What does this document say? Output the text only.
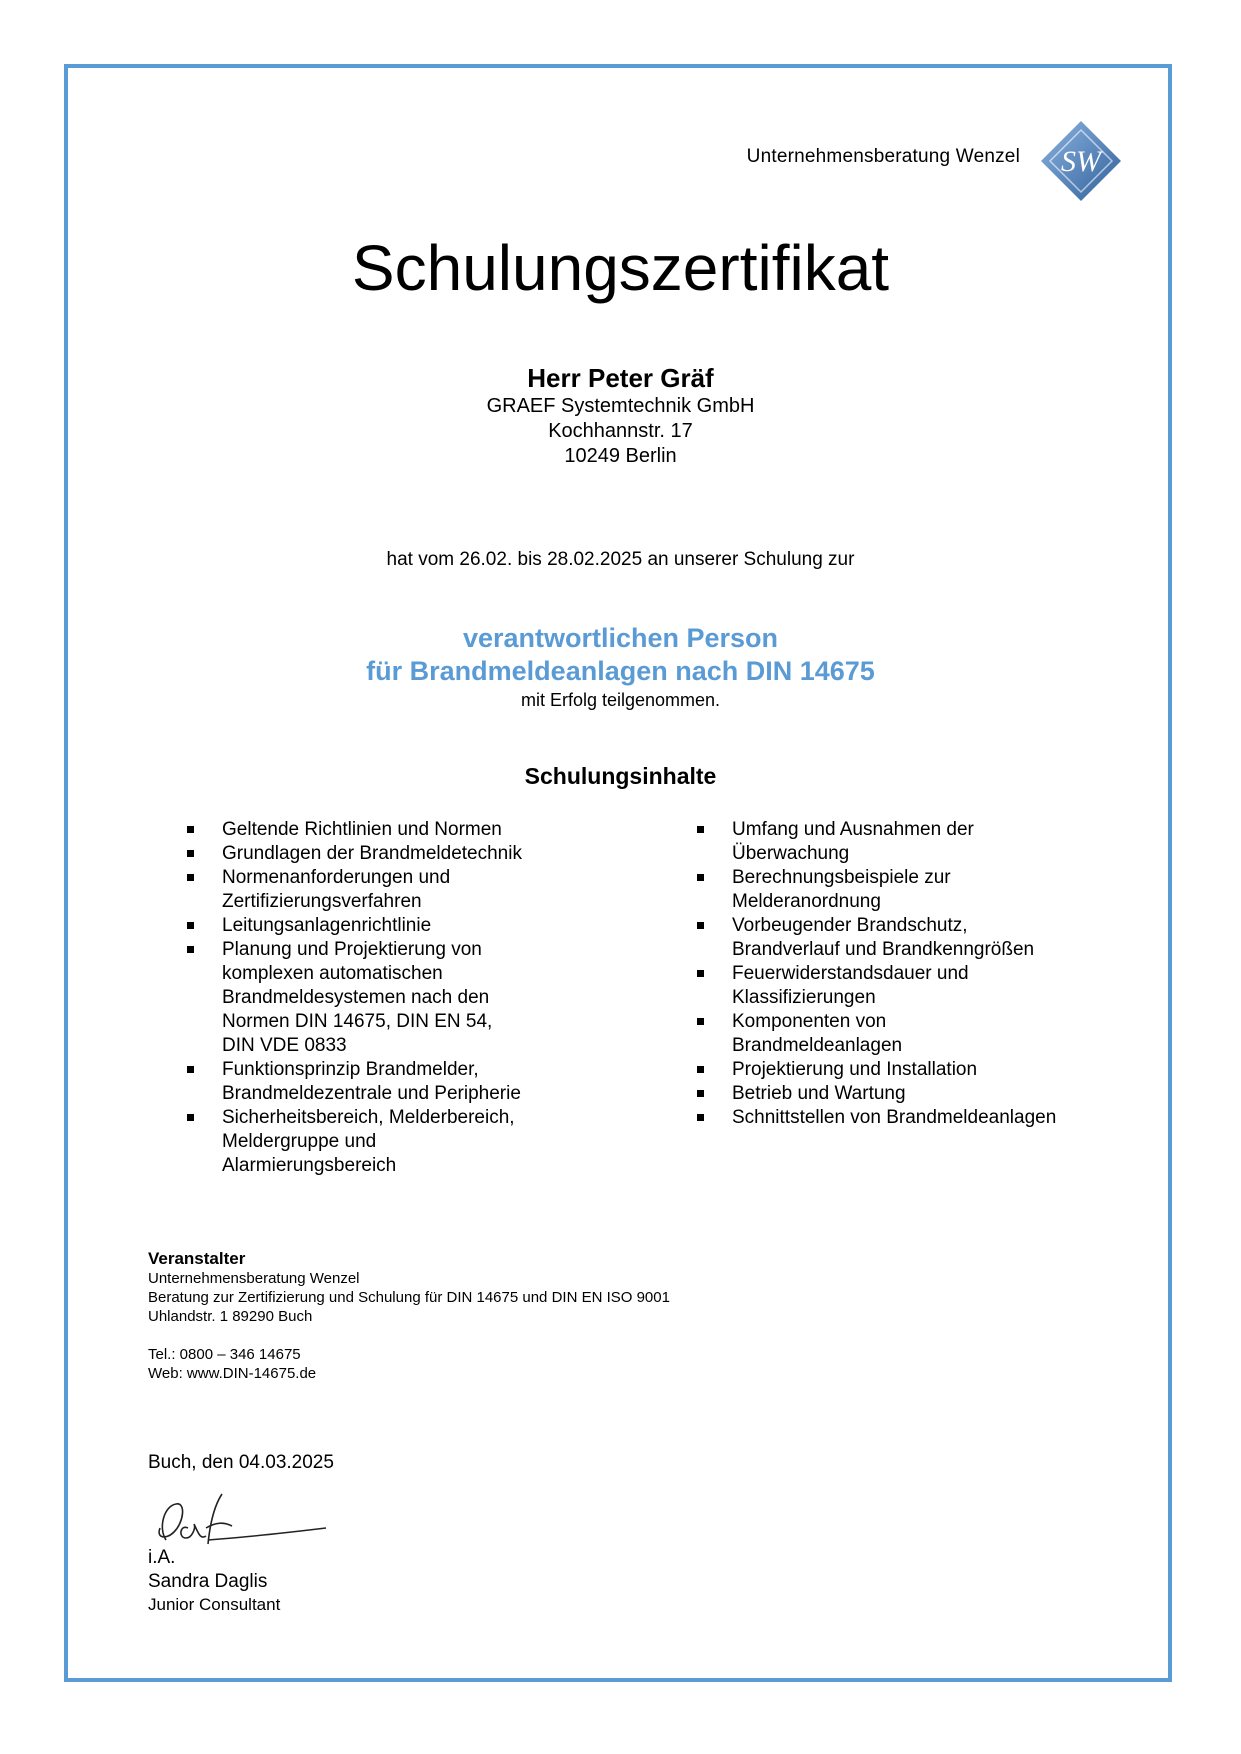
Unternehmensberatung Wenzel SW
Schulungszertifikat
Herr Peter Gräf
GRAEF Systemtechnik GmbH
Kochhannstr. 17
10249 Berlin
hat vom 26.02. bis 28.02.2025 an unserer Schulung zur
verantwortlichen Person
für Brandmeldeanlagen nach DIN 14675
mit Erfolg teilgenommen.
Schulungsinhalte
Geltende Richtlinien und Normen
Grundlagen der Brandmeldetechnik
Normenanforderungen und
Zertifizierungsverfahren
Leitungsanlagenrichtlinie
Planung und Projektierung von
komplexen automatischen
Brandmeldesystemen nach den
Normen DIN 14675, DIN EN 54,
DIN VDE 0833
Funktionsprinzip Brandmelder,
Brandmeldezentrale und Peripherie
Sicherheitsbereich, Melderbereich,
Meldergruppe und
Alarmierungsbereich
Umfang und Ausnahmen der
Überwachung
Berechnungsbeispiele zur
Melderanordnung
Vorbeugender Brandschutz,
Brandverlauf und Brandkenngrößen
Feuerwiderstandsdauer und
Klassifizierungen
Komponenten von
Brandmeldeanlagen
Projektierung und Installation
Betrieb und Wartung
Schnittstellen von Brandmeldeanlagen
Veranstalter
Unternehmensberatung Wenzel
Beratung zur Zertifizierung und Schulung für DIN 14675 und DIN EN ISO 9001
Uhlandstr. 1 89290 Buch
Tel.: 0800 – 346 14675
Web: www.DIN-14675.de
Buch, den 04.03.2025
i.A.
Sandra Daglis
Junior Consultant
